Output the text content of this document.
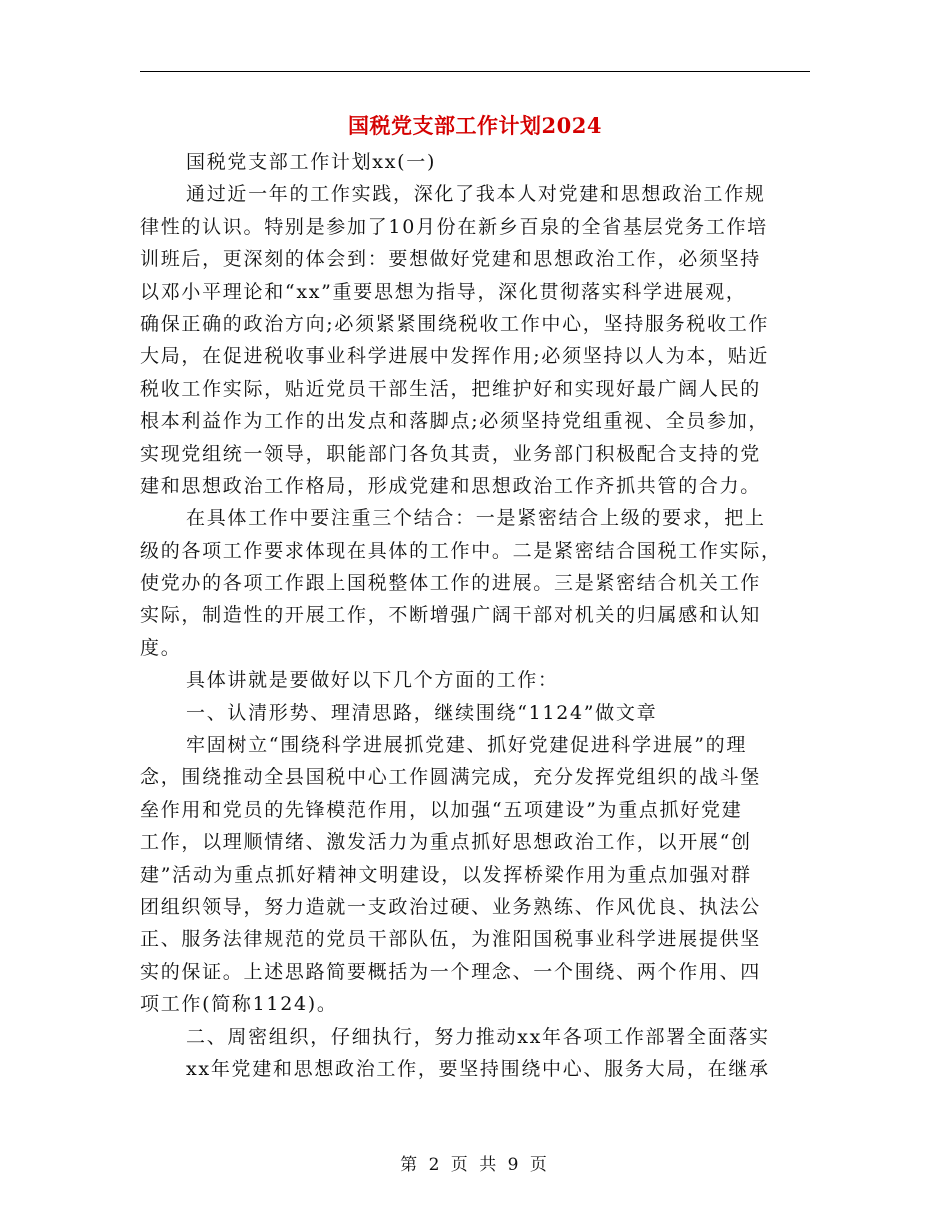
国税党支部工作计划2024
国税党支部工作计划xx(一)
通过近一年的工作实践，深化了我本人对党建和思想政治工作规
律性的认识。特别是参加了10月份在新乡百泉的全省基层党务工作培
训班后，更深刻的体会到：要想做好党建和思想政治工作，必须坚持
以邓小平理论和“xx”重要思想为指导，深化贯彻落实科学进展观，
确保正确的政治方向;必须紧紧围绕税收工作中心，坚持服务税收工作
大局，在促进税收事业科学进展中发挥作用;必须坚持以人为本，贴近
税收工作实际，贴近党员干部生活，把维护好和实现好最广阔人民的
根本利益作为工作的出发点和落脚点;必须坚持党组重视、全员参加，
实现党组统一领导，职能部门各负其责，业务部门积极配合支持的党
建和思想政治工作格局，形成党建和思想政治工作齐抓共管的合力。
在具体工作中要注重三个结合：一是紧密结合上级的要求，把上
级的各项工作要求体现在具体的工作中。二是紧密结合国税工作实际，
使党办的各项工作跟上国税整体工作的进展。三是紧密结合机关工作
实际，制造性的开展工作，不断增强广阔干部对机关的归属感和认知
度。
具体讲就是要做好以下几个方面的工作：
一、认清形势、理清思路，继续围绕“1124”做文章
牢固树立“围绕科学进展抓党建、抓好党建促进科学进展”的理
念，围绕推动全县国税中心工作圆满完成，充分发挥党组织的战斗堡
垒作用和党员的先锋模范作用，以加强“五项建设”为重点抓好党建
工作，以理顺情绪、激发活力为重点抓好思想政治工作，以开展“创
建”活动为重点抓好精神文明建设，以发挥桥梁作用为重点加强对群
团组织领导，努力造就一支政治过硬、业务熟练、作风优良、执法公
正、服务法律规范的党员干部队伍，为淮阳国税事业科学进展提供坚
实的保证。上述思路简要概括为一个理念、一个围绕、两个作用、四
项工作(简称1124)。
二、周密组织，仔细执行，努力推动xx年各项工作部署全面落实
xx年党建和思想政治工作，要坚持围绕中心、服务大局，在继承
第 2 页 共 9 页
